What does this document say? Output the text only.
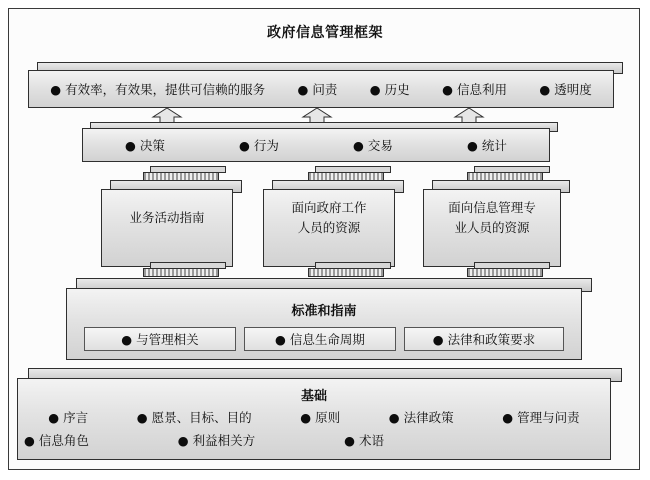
政府信息管理框架
● 有效率，有效果，提供可信赖的服务	● 问责	● 历史	● 信息利用	● 透明度
● 决策	● 行为	● 交易	● 统计
业务活动指南
面向政府工作
人员的资源
面向信息管理专
业人员的资源
标准和指南
● 与管理相关	● 信息生命周期	● 法律和政策要求
基础
● 序言	● 愿景、目标、目的	● 原则	● 法律政策	● 管理与问责
● 信息角色	● 利益相关方	● 术语
